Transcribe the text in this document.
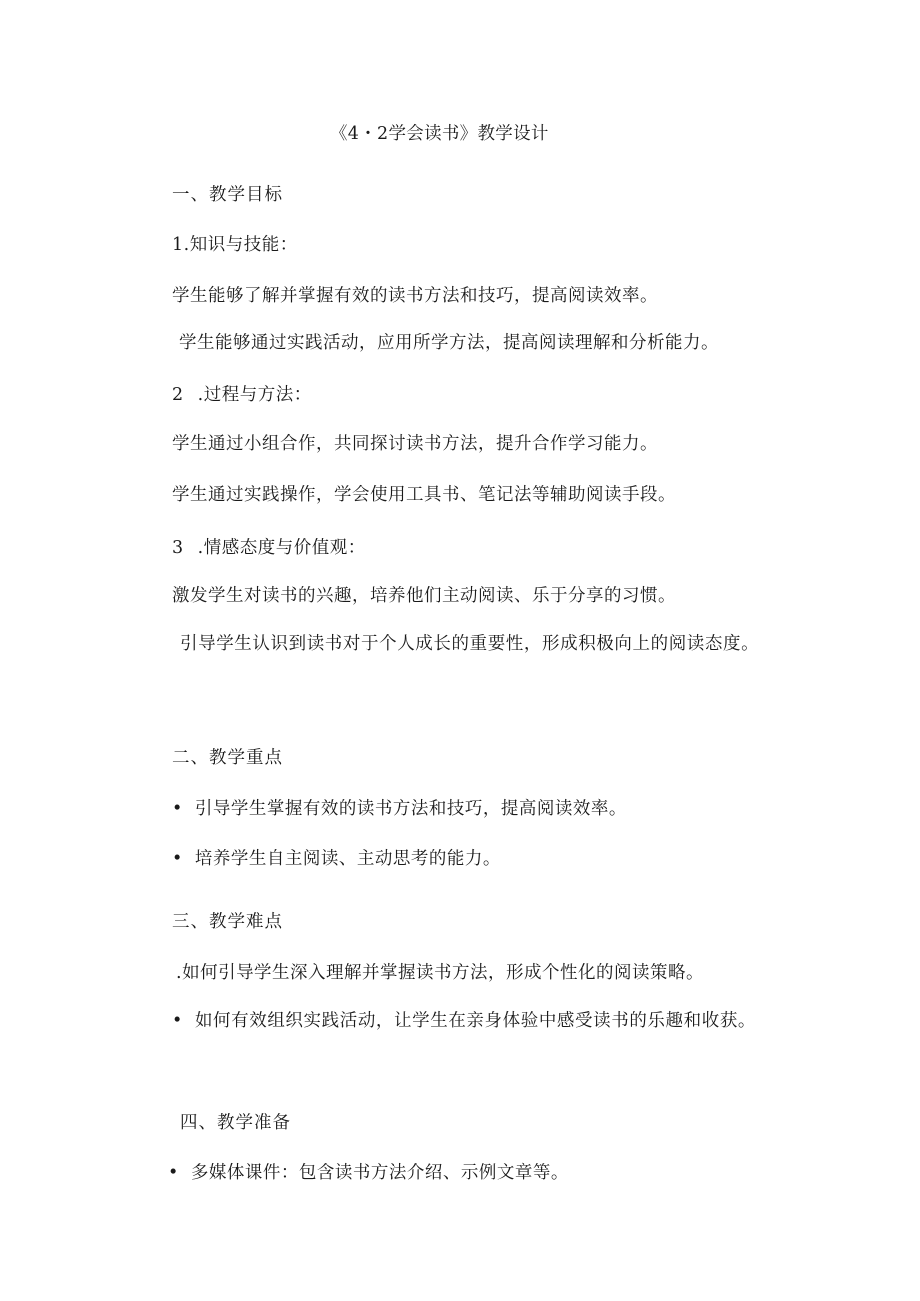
《4・2学会读书》教学设计
一、教学目标
1.知识与技能：
学生能够了解并掌握有效的读书方法和技巧，提高阅读效率。
学生能够通过实践活动，应用所学方法，提高阅读理解和分析能力。
2 .过程与方法：
学生通过小组合作，共同探讨读书方法，提升合作学习能力。
学生通过实践操作，学会使用工具书、笔记法等辅助阅读手段。
3 .情感态度与价值观：
激发学生对读书的兴趣，培养他们主动阅读、乐于分享的习惯。
引导学生认识到读书对于个人成长的重要性，形成积极向上的阅读态度。
二、教学重点
• 引导学生掌握有效的读书方法和技巧，提高阅读效率。
• 培养学生自主阅读、主动思考的能力。
三、教学难点
.如何引导学生深入理解并掌握读书方法，形成个性化的阅读策略。
• 如何有效组织实践活动，让学生在亲身体验中感受读书的乐趣和收获。
四、教学准备
• 多媒体课件：包含读书方法介绍、示例文章等。
